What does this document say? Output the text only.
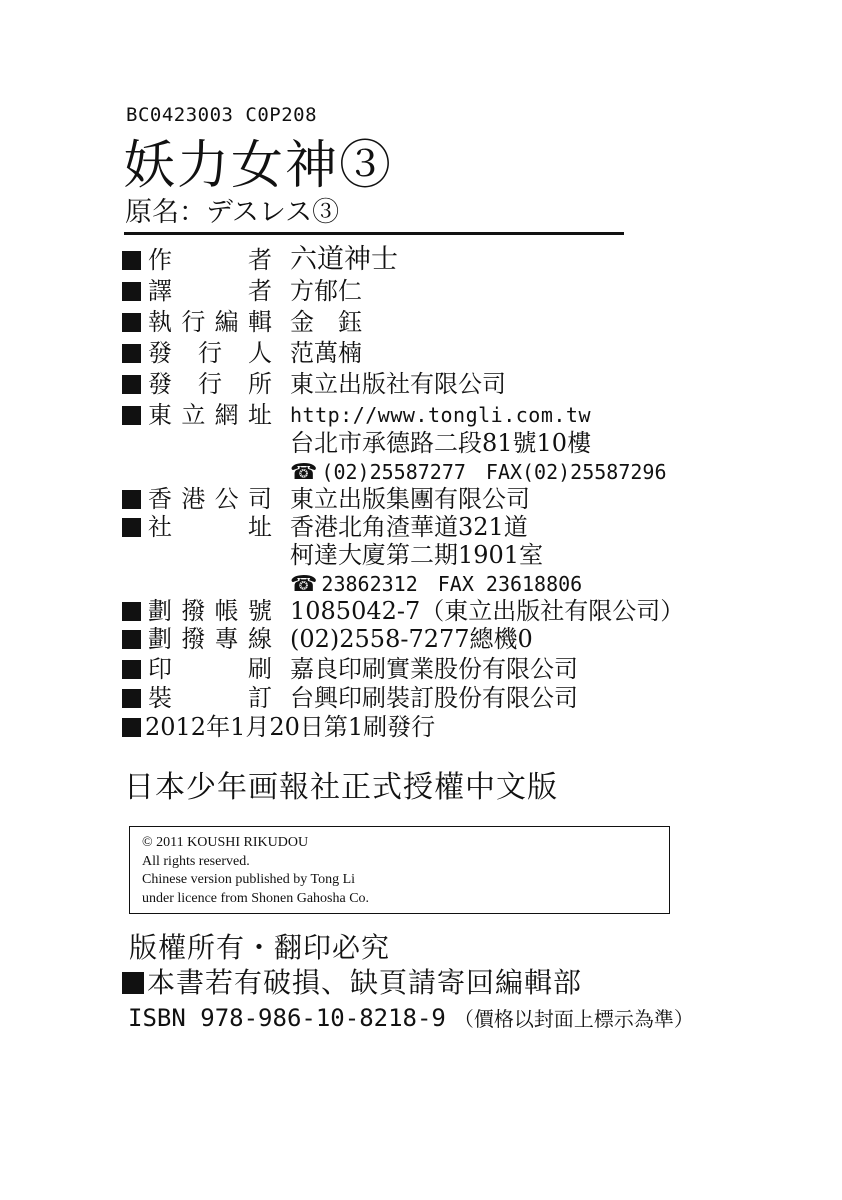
BC0423003 C0P208
妖力女神③
原名：デスレス③
作者 六道神士
譯者 方郁仁
執行編輯 金　鈺
發行人 范萬楠
發行所 東立出版社有限公司
東立網址 http://www.tongli.com.tw
台北市承德路二段81號10樓
☎ (02)25587277　FAX(02)25587296
香港公司 東立出版集團有限公司
社址 香港北角渣華道321道
柯達大廈第二期1901室
☎ 23862312　FAX 23618806
劃撥帳號 1085042-7（東立出版社有限公司）
劃撥專線 (02)2558-7277總機0
印刷 嘉良印刷實業股份有限公司
裝訂 台興印刷裝訂股份有限公司
2012年1月20日第1刷發行
日本少年画報社正式授權中文版
© 2011 KOUSHI RIKUDOU
All rights reserved.
Chinese version published by Tong Li
under licence from Shonen Gahosha Co.
版權所有・翻印必究
本書若有破損、缺頁請寄回編輯部
ISBN 978-986-10-8218-9 （價格以封面上標示為準）
